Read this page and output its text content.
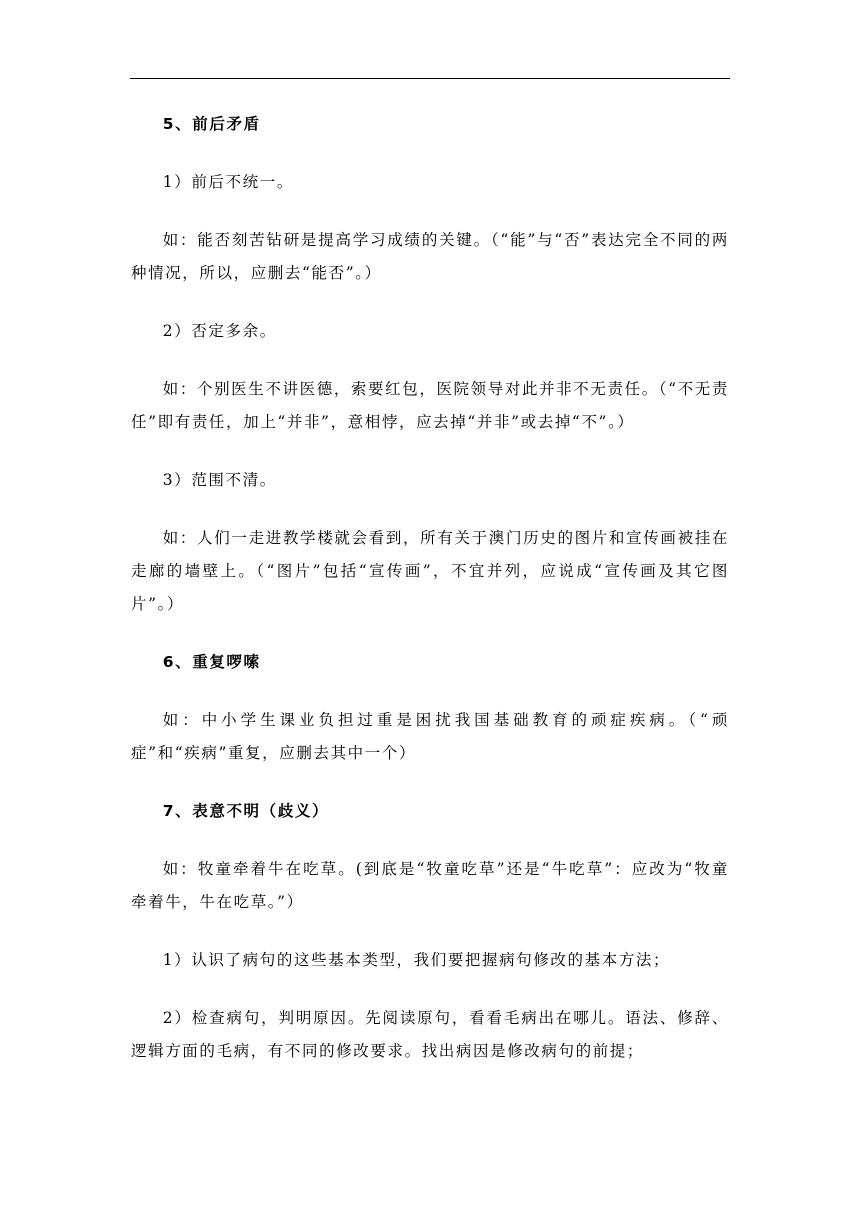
5、前后矛盾

1）前后不统一。

如：能否刻苦钻研是提高学习成绩的关键。（“能”与“否”表达完全不同的两种情况，所以，应删去“能否”。）

2）否定多余。

如：个别医生不讲医德，索要红包，医院领导对此并非不无责任。（“不无责任”即有责任，加上“并非”，意相悖，应去掉“并非”或去掉“不”。）

3）范围不清。

如：人们一走进教学楼就会看到，所有关于澳门历史的图片和宣传画被挂在走廊的墙壁上。（“图片”包括“宣传画”，不宜并列，应说成“宣传画及其它图片”。）

6、重复啰嗦

如：中小学生课业负担过重是困扰我国基础教育的顽症疾病。（“顽症”和“疾病”重复，应删去其中一个）

7、表意不明（歧义）

如：牧童牵着牛在吃草。(到底是“牧童吃草”还是“牛吃草”：应改为“牧童牵着牛，牛在吃草。”）

1）认识了病句的这些基本类型，我们要把握病句修改的基本方法；

2）检查病句，判明原因。先阅读原句，看看毛病出在哪儿。语法、修辞、逻辑方面的毛病，有不同的修改要求。找出病因是修改病句的前提；
